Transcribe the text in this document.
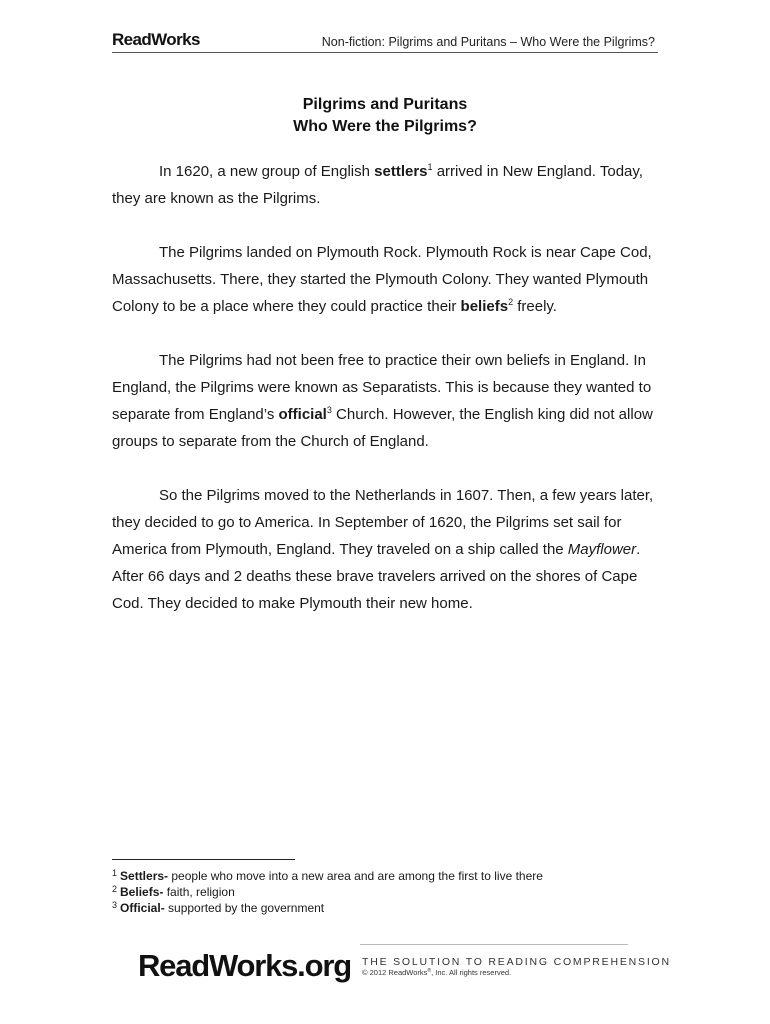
ReadWorks	Non-fiction: Pilgrims and Puritans – Who Were the Pilgrims?
Pilgrims and Puritans
Who Were the Pilgrims?

In 1620, a new group of English settlers$^1$ arrived in New England. Today, they are known as the Pilgrims.

The Pilgrims landed on Plymouth Rock. Plymouth Rock is near Cape Cod, Massachusetts. There, they started the Plymouth Colony. They wanted Plymouth Colony to be a place where they could practice their beliefs$^2$ freely.

The Pilgrims had not been free to practice their own beliefs in England. In England, the Pilgrims were known as Separatists. This is because they wanted to separate from England’s official$^3$ Church. However, the English king did not allow groups to separate from the Church of England.

So the Pilgrims moved to the Netherlands in 1607. Then, a few years later, they decided to go to America. In September of 1620, the Pilgrims set sail for America from Plymouth, England. They traveled on a ship called the Mayflower. After 66 days and 2 deaths these brave travelers arrived on the shores of Cape Cod. They decided to make Plymouth their new home.

$^1$ Settlers- people who move into a new area and are among the first to live there

$^2$ Beliefs- faith, religion

$^3$ Official- supported by the government

ReadWorks.org THE SOLUTION TO READING COMPREHENSION
© 2012 ReadWorks®, Inc. All rights reserved.
